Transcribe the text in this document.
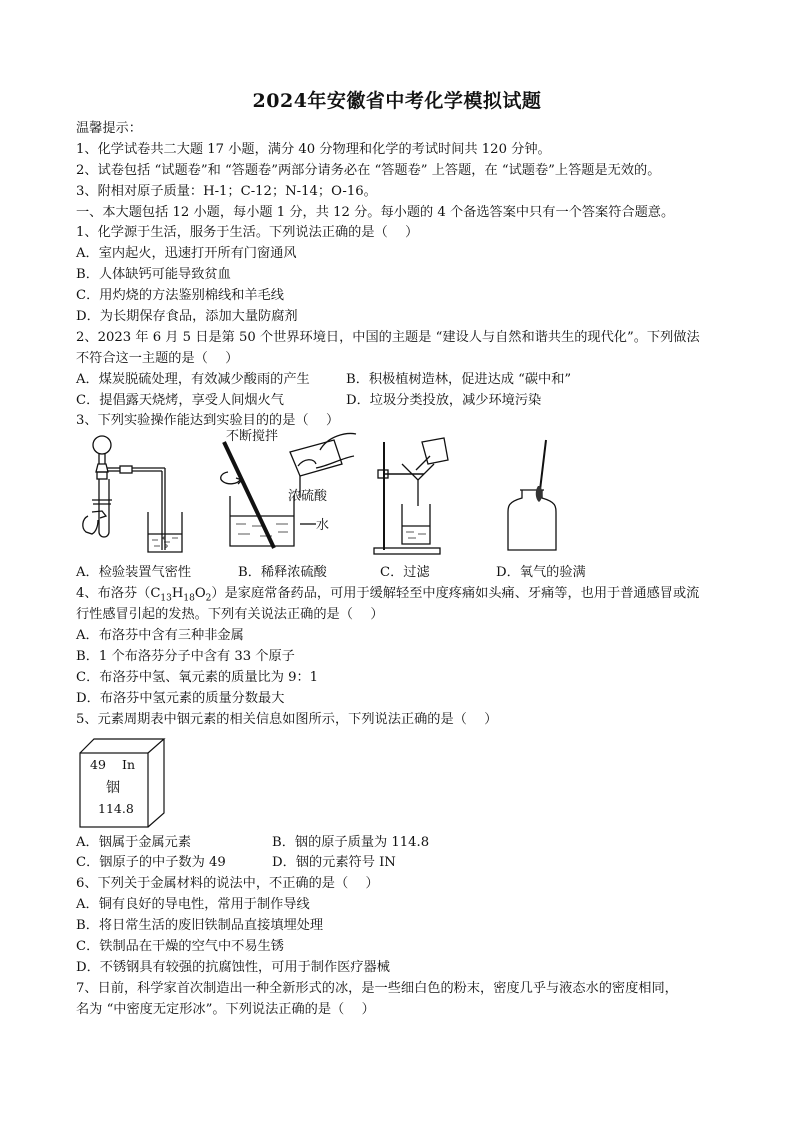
2024年安徽省中考化学模拟试题
温馨提示：
1、化学试卷共二大题 17 小题，满分 40 分物理和化学的考试时间共 120 分钟。
2、试卷包括 “试题卷”和 “答题卷”两部分请务必在 “答题卷” 上答题，在 “试题卷”上答题是无效的。
3、附相对原子质量：H-1；C-12；N-14；O-16。
一、本大题包括 12 小题，每小题 1 分，共 12 分。每小题的 4 个备选答案中只有一个答案符合题意。
1、化学源于生活，服务于生活。下列说法正确的是（　 ）
A．室内起火，迅速打开所有门窗通风
B．人体缺钙可能导致贫血
C．用灼烧的方法鉴别棉线和羊毛线
D．为长期保存食品，添加大量防腐剂
2、2023 年 6 月 5 日是第 50 个世界环境日，中国的主题是 “建设人与自然和谐共生的现代化”。下列做法
不符合这一主题的是（　 ）
A．煤炭脱硫处理，有效减少酸雨的产生	B．积极植树造林，促进达成 “碳中和”
C．提倡露天烧烤，享受人间烟火气	D．垃圾分类投放，减少环境污染
3、下列实验操作能达到实验目的的是（　 ）
不断搅拌
浓硫酸
水
A．检验装置气密性	B．稀释浓硫酸	C．过滤	D．氧气的验满
4、布洛芬$(C_{13}H_{18}O_2)$是家庭常备药品，可用于缓解轻至中度疼痛如头痛、牙痛等，也用于普通感冒或流
行性感冒引起的发热。下列有关说法正确的是（　 ）
A．布洛芬中含有三种非金属
B．1 个布洛芬分子中含有 33 个原子
C．布洛芬中氢、氧元素的质量比为 9：1
D．布洛芬中氢元素的质量分数最大
5、元素周期表中铟元素的相关信息如图所示，下列说法正确的是（　 ）
49 In
铟
114.8
A．铟属于金属元素	B．铟的原子质量为 114.8
C．铟原子的中子数为 49	D．铟的元素符号 IN
6、下列关于金属材料的说法中，不正确的是（　 ）
A．铜有良好的导电性，常用于制作导线
B．将日常生活的废旧铁制品直接填埋处理
C．铁制品在干燥的空气中不易生锈
D．不锈钢具有较强的抗腐蚀性，可用于制作医疗器械
7、日前，科学家首次制造出一种全新形式的冰，是一些细白色的粉末，密度几乎与液态水的密度相同，
名为 “中密度无定形冰”。下列说法正确的是（　 ）
